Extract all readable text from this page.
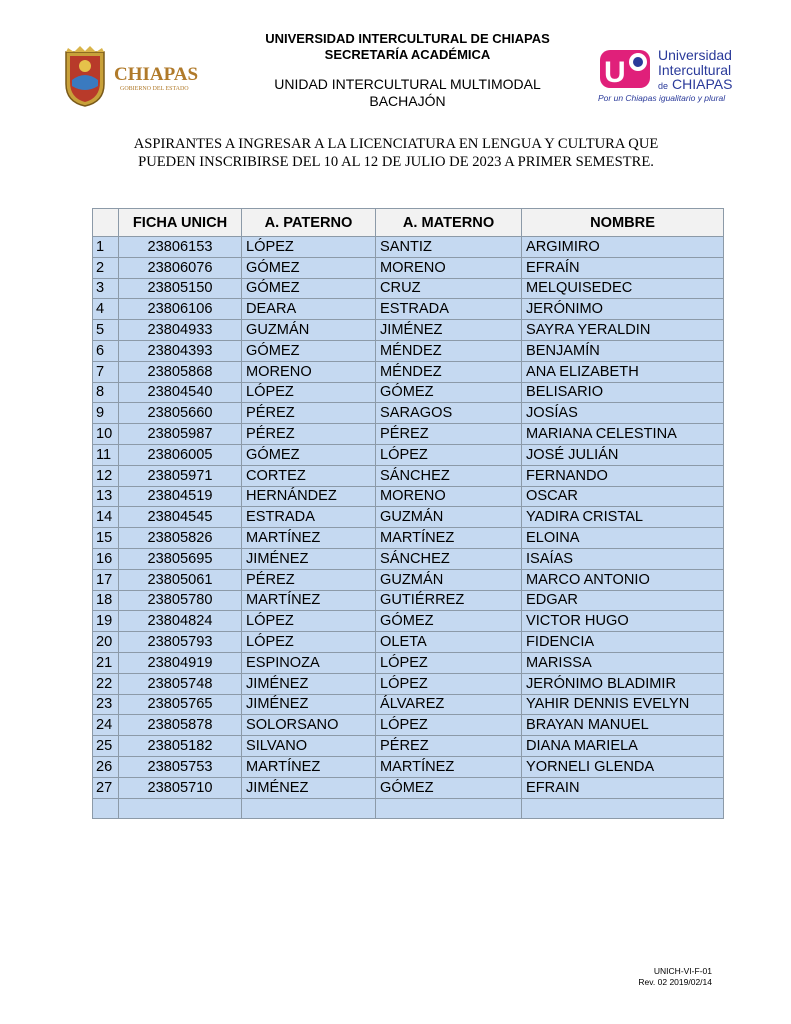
CHIAPAS
GOBIERNO DEL ESTADO	U
Universidad
Intercultural
de CHIAPAS
Por un Chiapas igualitario y plural
UNIVERSIDAD INTERCULTURAL DE CHIAPAS
SECRETARÍA ACADÉMICA
UNIDAD INTERCULTURAL MULTIMODAL
BACHAJÓN
ASPIRANTES A INGRESAR A LA LICENCIATURA EN LENGUA Y CULTURA QUE
PUEDEN INSCRIBIRSE DEL 10 AL 12 DE JULIO DE 2023 A PRIMER SEMESTRE.
	FICHA UNICH	A. PATERNO	A. MATERNO	NOMBRE
1	23806153	LÓPEZ	SANTIZ	ARGIMIRO
2	23806076	GÓMEZ	MORENO	EFRAÍN
3	23805150	GÓMEZ	CRUZ	MELQUISEDEC
4	23806106	DEARA	ESTRADA	JERÓNIMO
5	23804933	GUZMÁN	JIMÉNEZ	SAYRA YERALDIN
6	23804393	GÓMEZ	MÉNDEZ	BENJAMÍN
7	23805868	MORENO	MÉNDEZ	ANA ELIZABETH
8	23804540	LÓPEZ	GÓMEZ	BELISARIO
9	23805660	PÉREZ	SARAGOS	JOSÍAS
10	23805987	PÉREZ	PÉREZ	MARIANA CELESTINA
11	23806005	GÓMEZ	LÓPEZ	JOSÉ JULIÁN
12	23805971	CORTEZ	SÁNCHEZ	FERNANDO
13	23804519	HERNÁNDEZ	MORENO	OSCAR
14	23804545	ESTRADA	GUZMÁN	YADIRA CRISTAL
15	23805826	MARTÍNEZ	MARTÍNEZ	ELOINA
16	23805695	JIMÉNEZ	SÁNCHEZ	ISAÍAS
17	23805061	PÉREZ	GUZMÁN	MARCO ANTONIO
18	23805780	MARTÍNEZ	GUTIÉRREZ	EDGAR
19	23804824	LÓPEZ	GÓMEZ	VICTOR HUGO
20	23805793	LÓPEZ	OLETA	FIDENCIA
21	23804919	ESPINOZA	LÓPEZ	MARISSA
22	23805748	JIMÉNEZ	LÓPEZ	JERÓNIMO BLADIMIR
23	23805765	JIMÉNEZ	ÁLVAREZ	YAHIR DENNIS EVELYN
24	23805878	SOLORSANO	LÓPEZ	BRAYAN MANUEL
25	23805182	SILVANO	PÉREZ	DIANA MARIELA
26	23805753	MARTÍNEZ	MARTÍNEZ	YORNELI GLENDA
27	23805710	JIMÉNEZ	GÓMEZ	EFRAIN

UNICH-VI-F-01
Rev. 02 2019/02/14
